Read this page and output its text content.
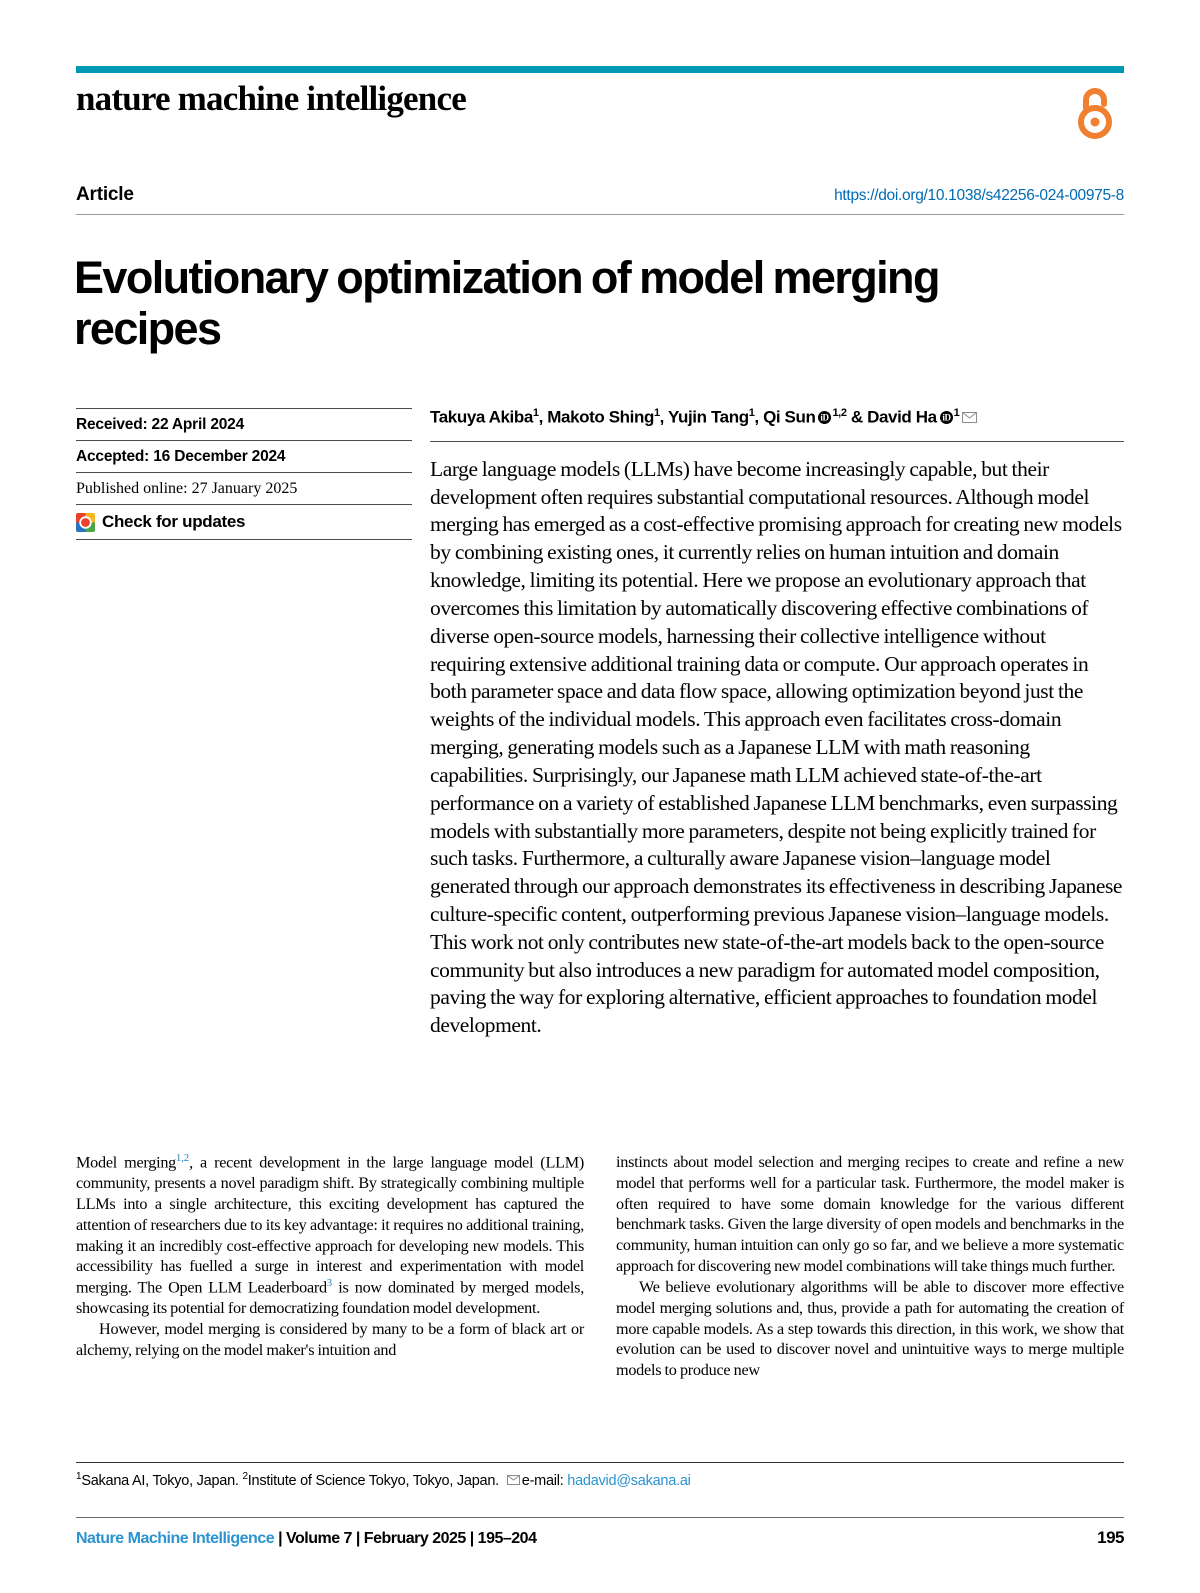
nature machine intelligence
Article	https://doi.org/10.1038/s42256-024-00975-8
Evolutionary optimization of model merging recipes
Received: 22 April 2024
Accepted: 16 December 2024
Published online: 27 January 2025
Check for updates
Takuya Akiba$^1$, Makoto Shing$^1$, Yujin Tang$^1$, Qi Sun iD $^{1,2}$ & David Ha iD $^1$
Large language models (LLMs) have become increasingly capable, but their development often requires substantial computational resources. Although model merging has emerged as a cost-effective promising approach for creating new models by combining existing ones, it currently relies on human intuition and domain knowledge, limiting its potential. Here we propose an evolutionary approach that overcomes this limitation by automatically discovering effective combinations of diverse open-source models, harnessing their collective intelligence without requiring extensive additional training data or compute. Our approach operates in both parameter space and data flow space, allowing optimization beyond just the weights of the individual models. This approach even facilitates cross-domain merging, generating models such as a Japanese LLM with math reasoning capabilities. Surprisingly, our Japanese math LLM achieved state-of-the-art performance on a variety of established Japanese LLM benchmarks, even surpassing models with substantially more parameters, despite not being explicitly trained for such tasks. Furthermore, a culturally aware Japanese vision–language model generated through our approach demonstrates its effectiveness in describing Japanese culture-specific content, outperforming previous Japanese vision–language models. This work not only contributes new state-of-the-art models back to the open-source community but also introduces a new paradigm for automated model composition, paving the way for exploring alternative, efficient approaches to foundation model development.

Model merging$^{1,2}$, a recent development in the large language model (LLM) community, presents a novel paradigm shift. By strategically combining multiple LLMs into a single architecture, this exciting development has captured the attention of researchers due to its key advantage: it requires no additional training, making it an incredibly cost-effective approach for developing new models. This accessibility has fuelled a surge in interest and experimentation with model merging. The Open LLM Leaderboard$^3$ is now dominated by merged models, showcasing its potential for democratizing foundation model development.

However, model merging is considered by many to be a form of black art or alchemy, relying on the model maker's intuition and

instincts about model selection and merging recipes to create and refine a new model that performs well for a particular task. Furthermore, the model maker is often required to have some domain knowledge for the various different benchmark tasks. Given the large diversity of open models and benchmarks in the community, human intuition can only go so far, and we believe a more systematic approach for discovering new model combinations will take things much further.

We believe evolutionary algorithms will be able to discover more effective model merging solutions and, thus, provide a path for automating the creation of more capable models. As a step towards this direction, in this work, we show that evolution can be used to discover novel and unintuitive ways to merge multiple models to produce new

$^1$Sakana AI, Tokyo, Japan. $^2$Institute of Science Tokyo, Tokyo, Japan. e-mail: hadavid@sakana.ai
Nature Machine Intelligence | Volume 7 | February 2025 | 195–204	195
